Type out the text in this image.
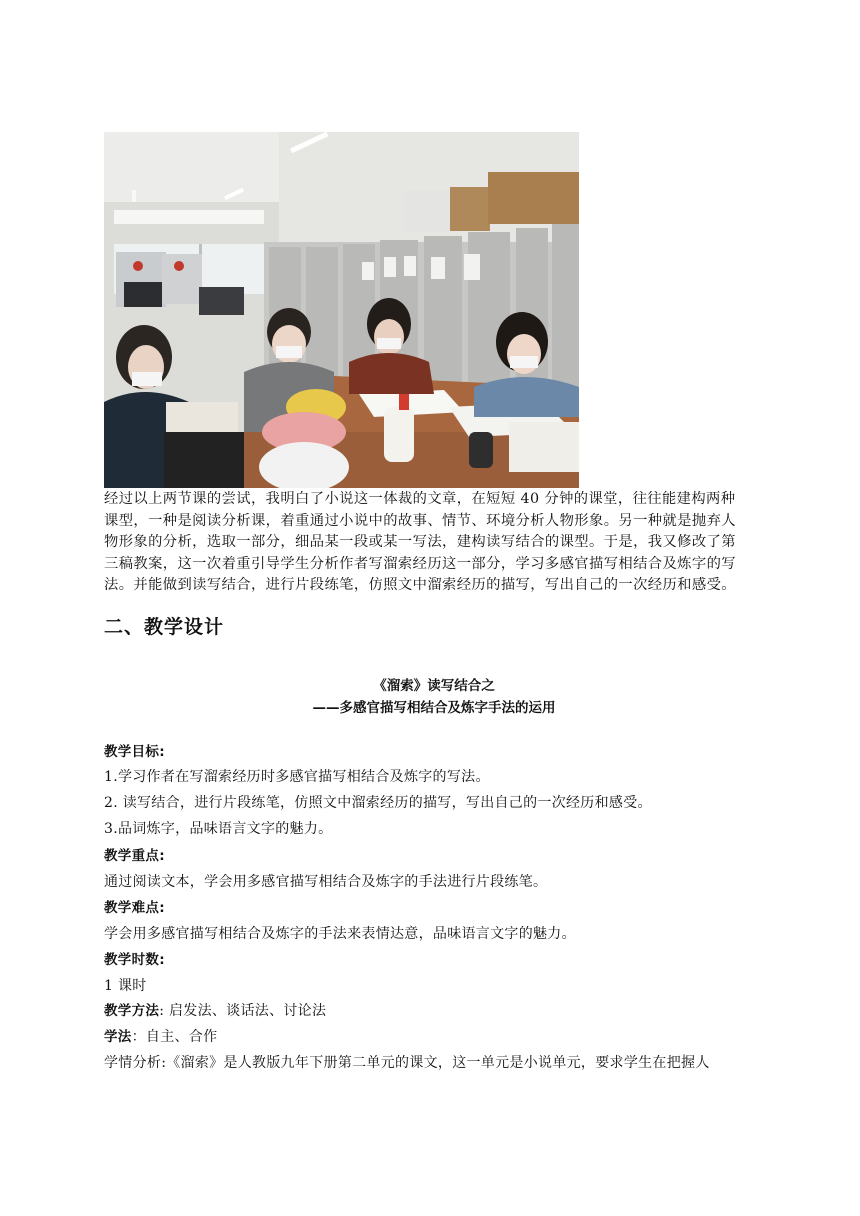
经过以上两节课的尝试，我明白了小说这一体裁的文章，在短短 40 分钟的课堂，往往能建构两种
课型，一种是阅读分析课，着重通过小说中的故事、情节、环境分析人物形象。另一种就是抛弃人
物形象的分析，选取一部分，细品某一段或某一写法，建构读写结合的课型。于是，我又修改了第
三稿教案，这一次着重引导学生分析作者写溜索经历这一部分，学习多感官描写相结合及炼字的写
法。并能做到读写结合，进行片段练笔，仿照文中溜索经历的描写，写出自己的一次经历和感受。
二、教学设计
《溜索》读写结合之
——多感官描写相结合及炼字手法的运用
教学目标:
1.学习作者在写溜索经历时多感官描写相结合及炼字的写法。
2. 读写结合，进行片段练笔，仿照文中溜索经历的描写，写出自己的一次经历和感受。
3.品词炼字，品味语言文字的魅力。
教学重点:
通过阅读文本，学会用多感官描写相结合及炼字的手法进行片段练笔。
教学难点:
学会用多感官描写相结合及炼字的手法来表情达意，品味语言文字的魅力。
教学时数:
1 课时
教学方法: 启发法、谈话法、讨论法
学法：自主、合作
学情分析:《溜索》是人教版九年下册第二单元的课文，这一单元是小说单元，要求学生在把握人
